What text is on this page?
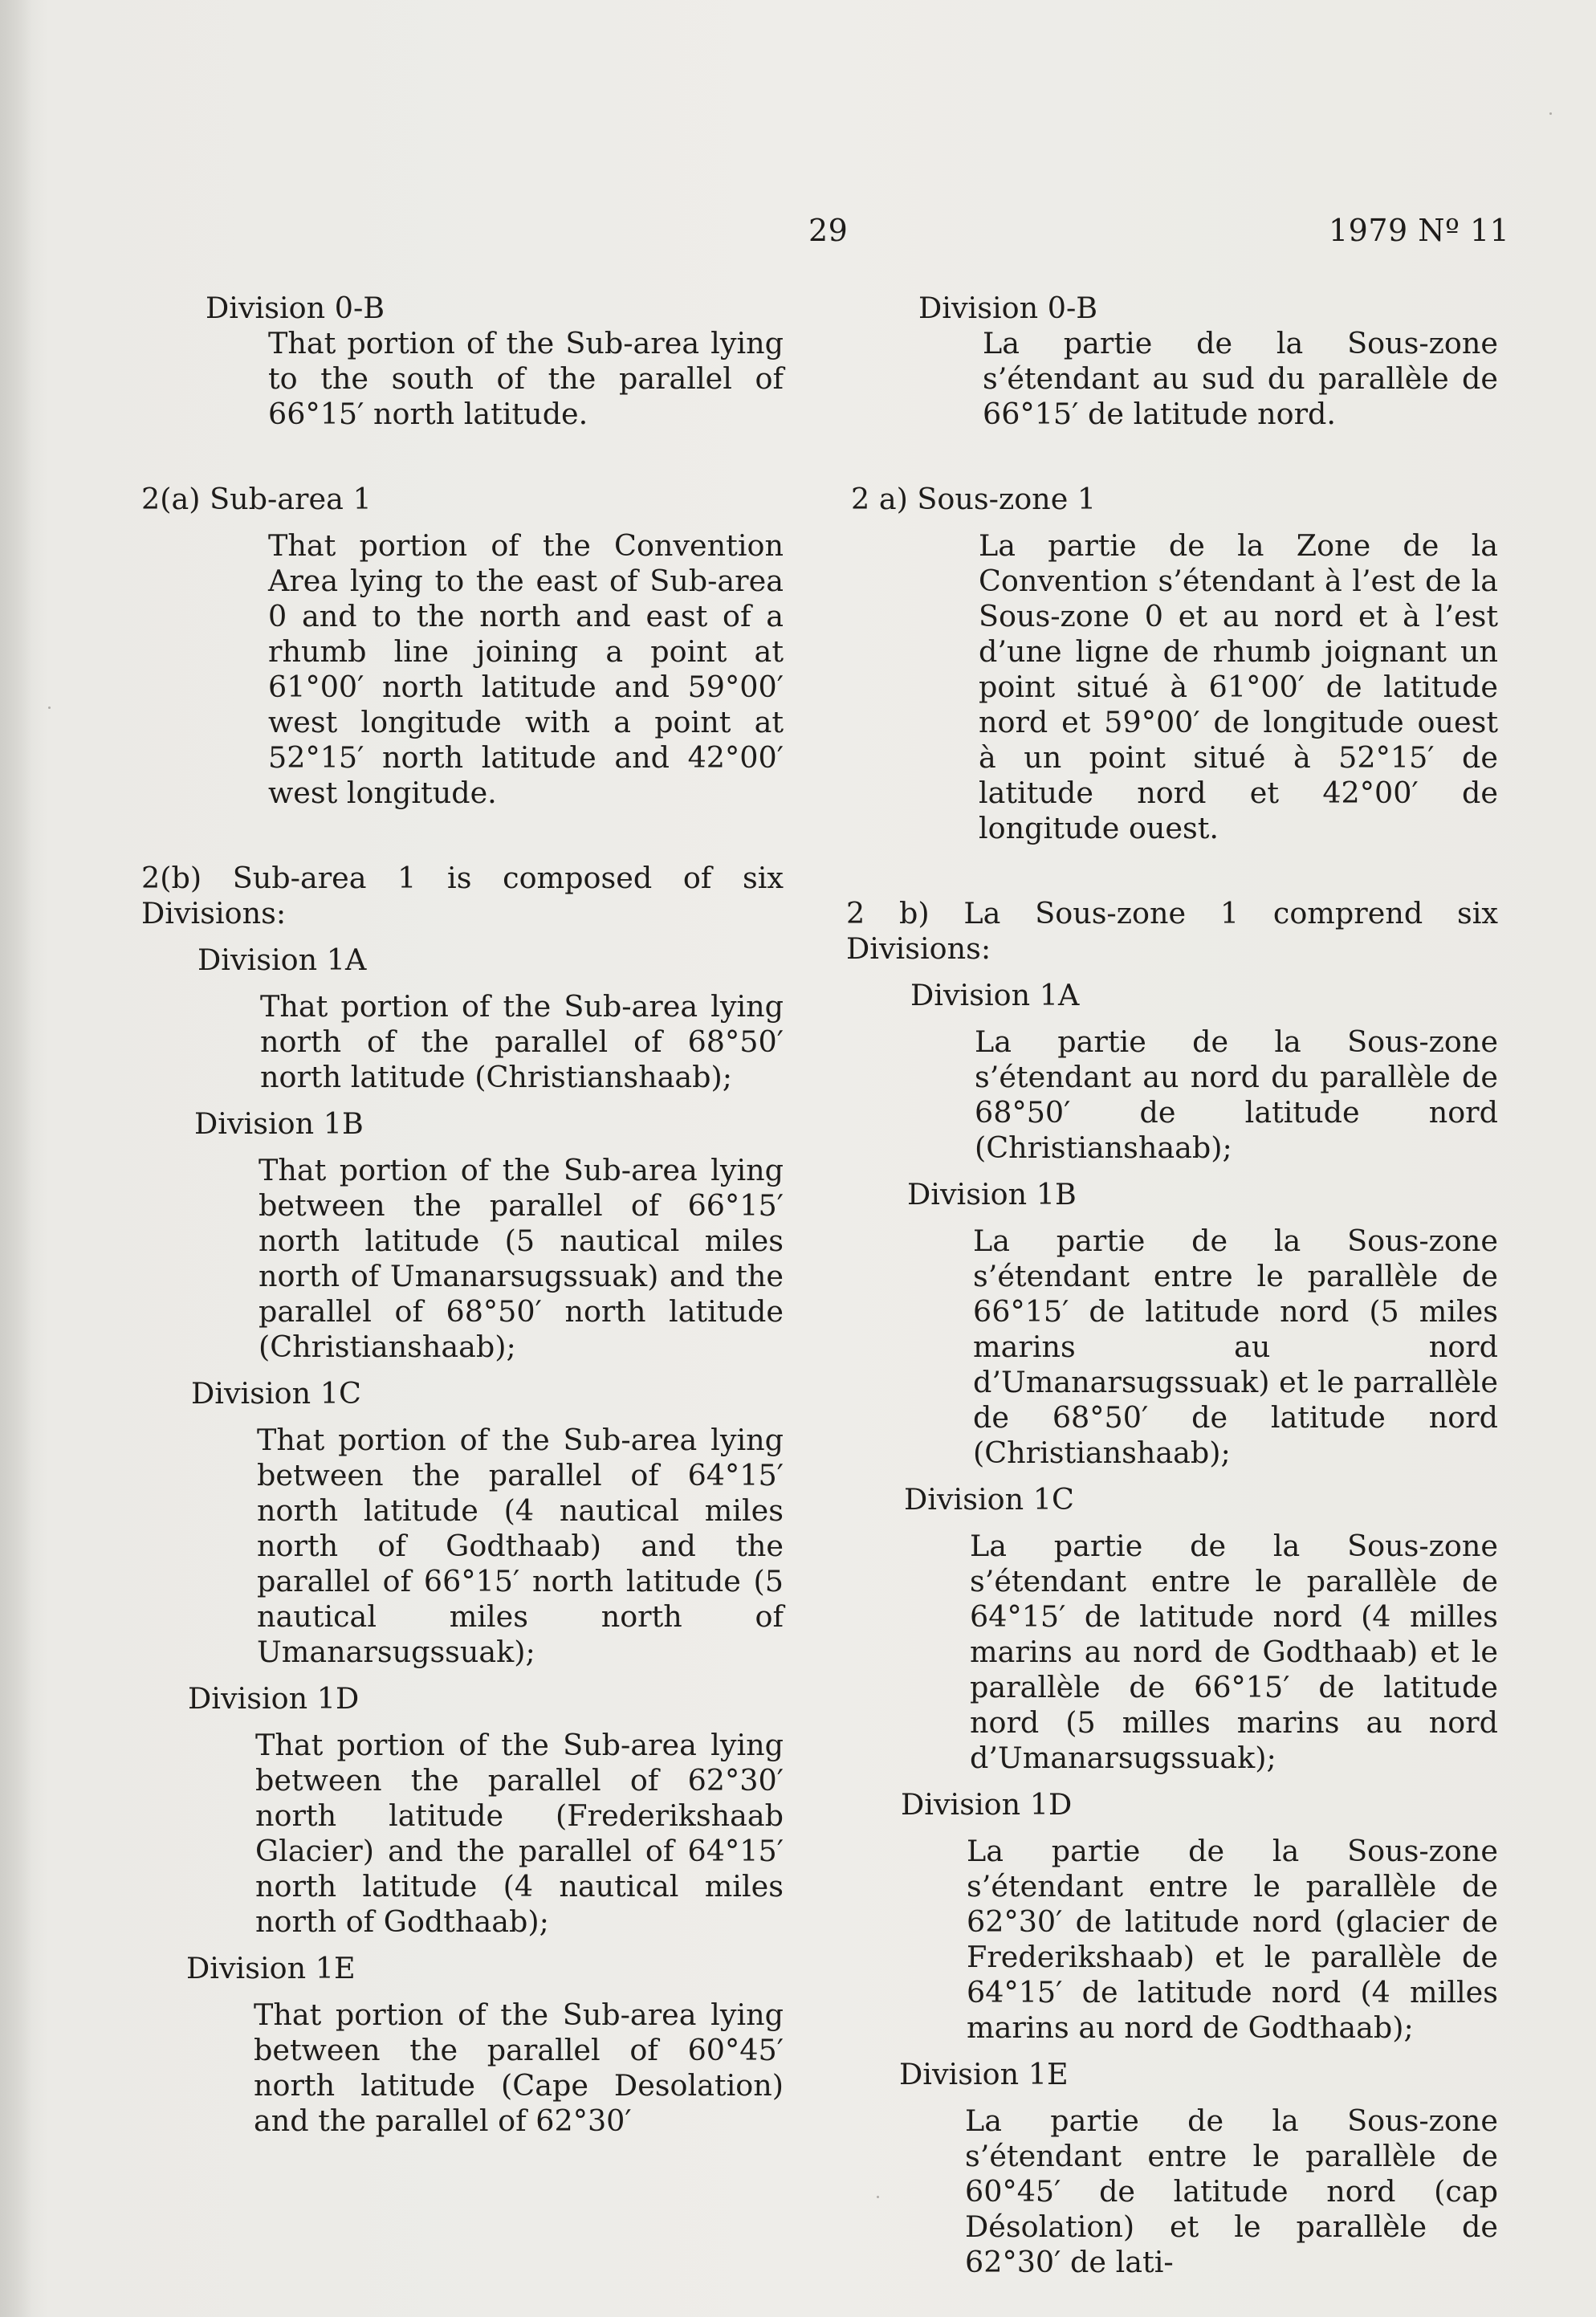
29	1979 Nº 11
Division 0-B
That portion of the Sub-area lying to the south of the parallel of 66°15′ north latitude.
2(a) Sub-area 1
That portion of the Convention Area lying to the east of Sub-area 0 and to the north and east of a rhumb line joining a point at 61°00′ north latitude and 59°00′ west longitude with a point at 52°15′ north latitude and 42°00′ west longitude.
2(b) Sub-area 1 is composed of six Divisions:
Division 1A
That portion of the Sub-area lying north of the parallel of 68°50′ north latitude (Christianshaab);
Division 1B
That portion of the Sub-area lying between the parallel of 66°15′ north latitude (5 nautical miles north of Umanarsugssuak) and the parallel of 68°50′ north latitude (Christianshaab);
Division 1C
That portion of the Sub-area lying between the parallel of 64°15′ north latitude (4 nautical miles north of Godthaab) and the parallel of 66°15′ north latitude (5 nautical miles north of Umanarsugssuak);
Division 1D
That portion of the Sub-area lying between the parallel of 62°30′ north latitude (Frederikshaab Glacier) and the parallel of 64°15′ north latitude (4 nautical miles north of Godthaab);
Division 1E
That portion of the Sub-area lying between the parallel of 60°45′ north latitude (Cape Desolation) and the parallel of 62°30′
Division 0-B
La partie de la Sous-zone s’étendant au sud du parallèle de 66°15′ de latitude nord.
2 a) Sous-zone 1
La partie de la Zone de la Convention s’étendant à l’est de la Sous-zone 0 et au nord et à l’est d’une ligne de rhumb joignant un point situé à 61°00′ de latitude nord et 59°00′ de longitude ouest à un point situé à 52°15′ de latitude nord et 42°00′ de longitude ouest.
2 b) La Sous-zone 1 comprend six Divisions:
Division 1A
La partie de la Sous-zone s’étendant au nord du parallèle de 68°50′ de latitude nord (Christianshaab);
Division 1B
La partie de la Sous-zone s’étendant entre le parallèle de 66°15′ de latitude nord (5 miles marins au nord d’Umanarsugssuak) et le parrallèle de 68°50′ de latitude nord (Christianshaab);
Division 1C
La partie de la Sous-zone s’étendant entre le parallèle de 64°15′ de latitude nord (4 milles marins au nord de Godthaab) et le parallèle de 66°15′ de latitude nord (5 milles marins au nord d’Umanarsugssuak);
Division 1D
La partie de la Sous-zone s’étendant entre le parallèle de 62°30′ de latitude nord (glacier de Frederikshaab) et le parallèle de 64°15′ de latitude nord (4 milles marins au nord de Godthaab);
Division 1E
La partie de la Sous-zone s’étendant entre le parallèle de 60°45′ de latitude nord (cap Désolation) et le parallèle de 62°30′ de lati-
